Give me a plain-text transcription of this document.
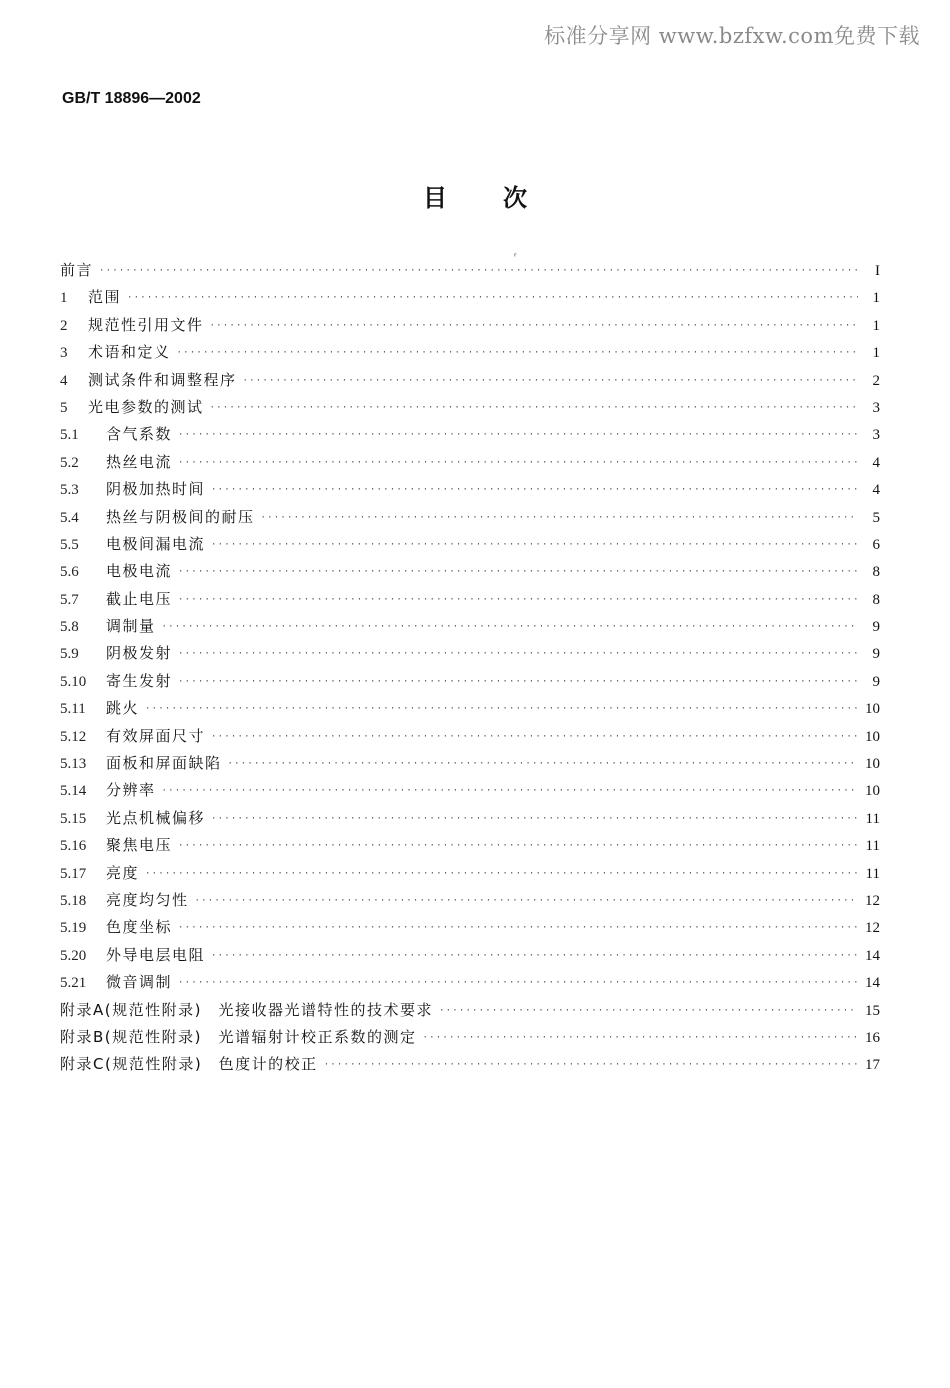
标准分享网 www.bzfxw.com免费下载
GB/T 18896—2002
目次
ʳ
前言 ·····	I
1	范围 ·····	1
2	规范性引用文件 ·····	1
3	术语和定义 ·····	1
4	测试条件和调整程序 ·····	2
5	光电参数的测试 ·····	3
5.1	含气系数 ·····	3
5.2	热丝电流 ·····	4
5.3	阴极加热时间 ·····	4
5.4	热丝与阴极间的耐压 ·····	5
5.5	电极间漏电流 ·····	6
5.6	电极电流 ·····	8
5.7	截止电压 ·····	8
5.8	调制量 ·····	9
5.9	阴极发射 ·····	9
5.10	寄生发射 ·····	9
5.11	跳火 ·····	10
5.12	有效屏面尺寸 ·····	10
5.13	面板和屏面缺陷 ·····	10
5.14	分辨率 ·····	10
5.15	光点机械偏移 ·····	11
5.16	聚焦电压 ·····	11
5.17	亮度 ·····	11
5.18	亮度均匀性 ·····	12
5.19	色度坐标 ·····	12
5.20	外导电层电阻 ·····	14
5.21	微音调制 ·····	14
附录A(规范性附录)　光接收器光谱特性的技术要求 ·····	15
附录B(规范性附录)　光谱辐射计校正系数的测定 ·····	16
附录C(规范性附录)　色度计的校正 ·····	17
